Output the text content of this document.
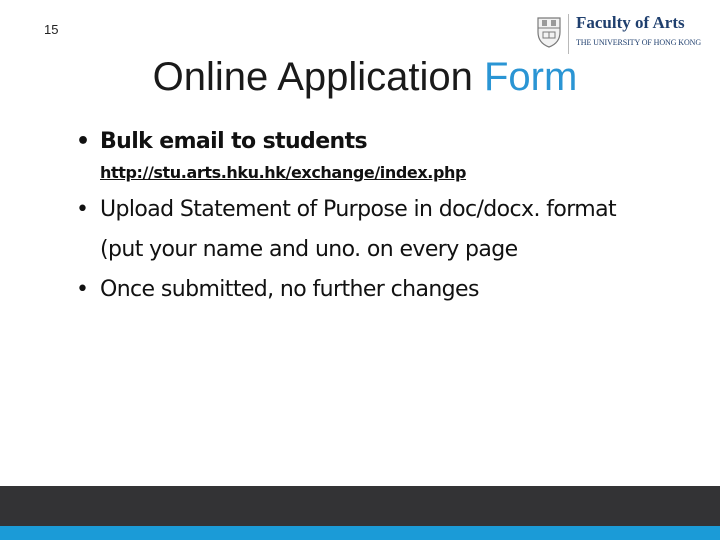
15	Faculty of Arts
THE UNIVERSITY OF HONG KONG
Online Application Form
• Bulk email to students
http://stu.arts.hku.hk/exchange/index.php
• Upload Statement of Purpose in doc/docx. format (put your name and uno. on every page
• Once submitted, no further changes
